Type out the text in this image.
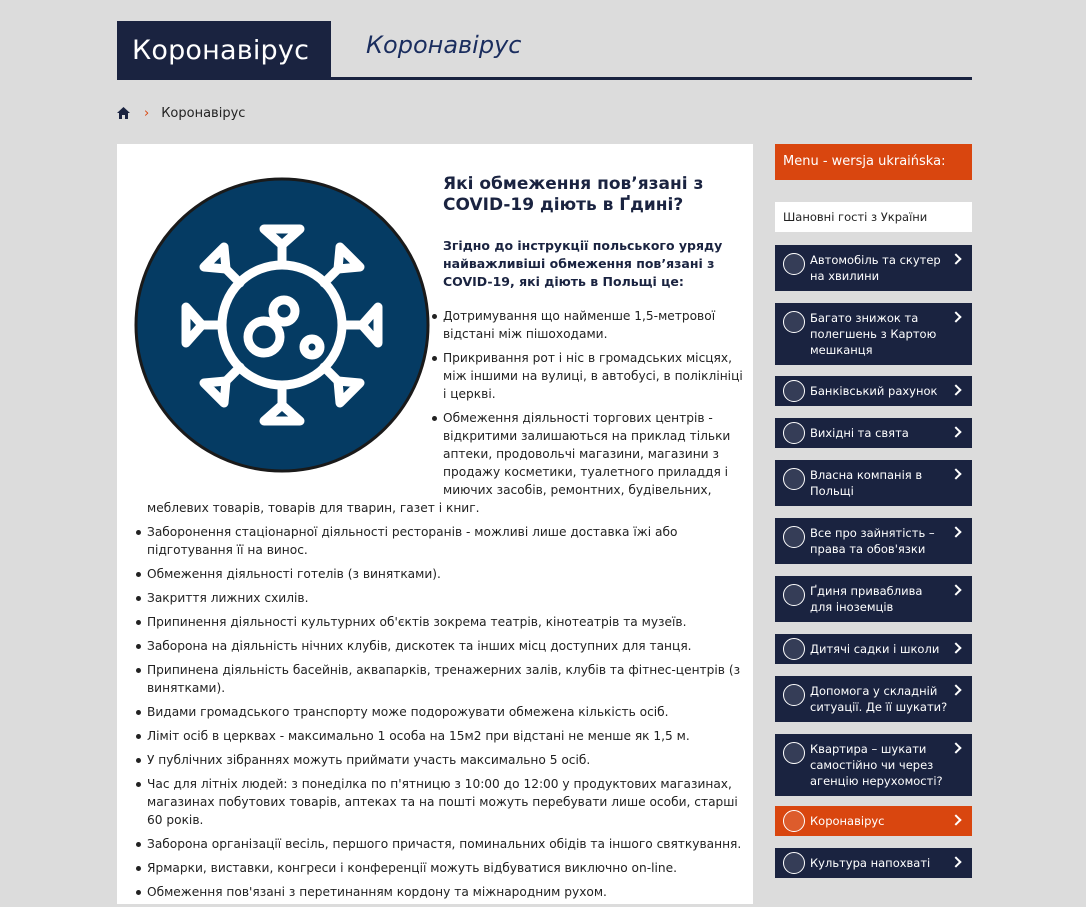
Коронавірус	Коронавірус
› Коронавірус
Які обмеження пов’язані з COVID-19 діють в Ґдині?
Згідно до інструкції польського уряду найважливіші обмеження пов’язані з COVID-19, які діють в Польщі це:
Дотримування що найменше 1,5-метрової відстані між пішоходами.
Прикривання рот і ніс в громадських місцях, між іншими на вулиці, в автобусі, в поліклініці і церкві.
Обмеження діяльності торгових центрів - відкритими залишаються на приклад тільки аптеки, продовольчі магазини, магазини з продажу косметики, туалетного приладдя і миючих засобів, ремонтних, будівельних,
меблевих товарів, товарів для тварин, газет і книг.
Заборонення стаціонарної діяльності ресторанів - можливі лише доставка їжі або підготування її на винос.
Обмеження діяльності готелів (з винятками).
Закриття лижних схилів.
Припинення діяльності культурних об'єктів зокрема театрів, кінотеатрів та музеїв.
Заборона на діяльність нічних клубів, дискотек та інших місц доступних для танця.
Припинена діяльність басейнів, аквапарків, тренажерних залів, клубів та фітнес-центрів (з винятками).
Видами громадського транспорту може подорожувати обмежена кількість осіб.
Ліміт осіб в церквах - максимально 1 особа на 15м2 при відстані не менше як 1,5 м.
У публічних зібраннях можуть приймати участь максимально 5 осіб.
Час для літніх людей: з понеділка по п'ятницю з 10:00 до 12:00 у продуктових магазинах, магазинах побутових товарів, аптеках та на пошті можуть перебувати лише особи, старші 60 років.
Заборона організації весіль, першого причастя, поминальних обідів та іншого святкування.
Ярмарки, виставки, конгреси і конференції можуть відбуватися виключно on-line.
Обмеження пов'язані з перетинанням кордону та міжнародним рухом.
Menu - wersja ukraińska:
Шановні гості з України
Автомобіль та скутер на хвилини
Багато знижок та полегшень з Картою мешканця
Банківський рахунок
Вихідні та свята
Власна компанія в Польщі
Все про зайнятість – права та обов'язки
Ґдиня приваблива для іноземців
Дитячі садки і школи
Допомога у складній ситуації. Де її шукати?
Квартира – шукати самостійно чи через агенцію нерухомості?
Коронавірус
Культура напохваті
